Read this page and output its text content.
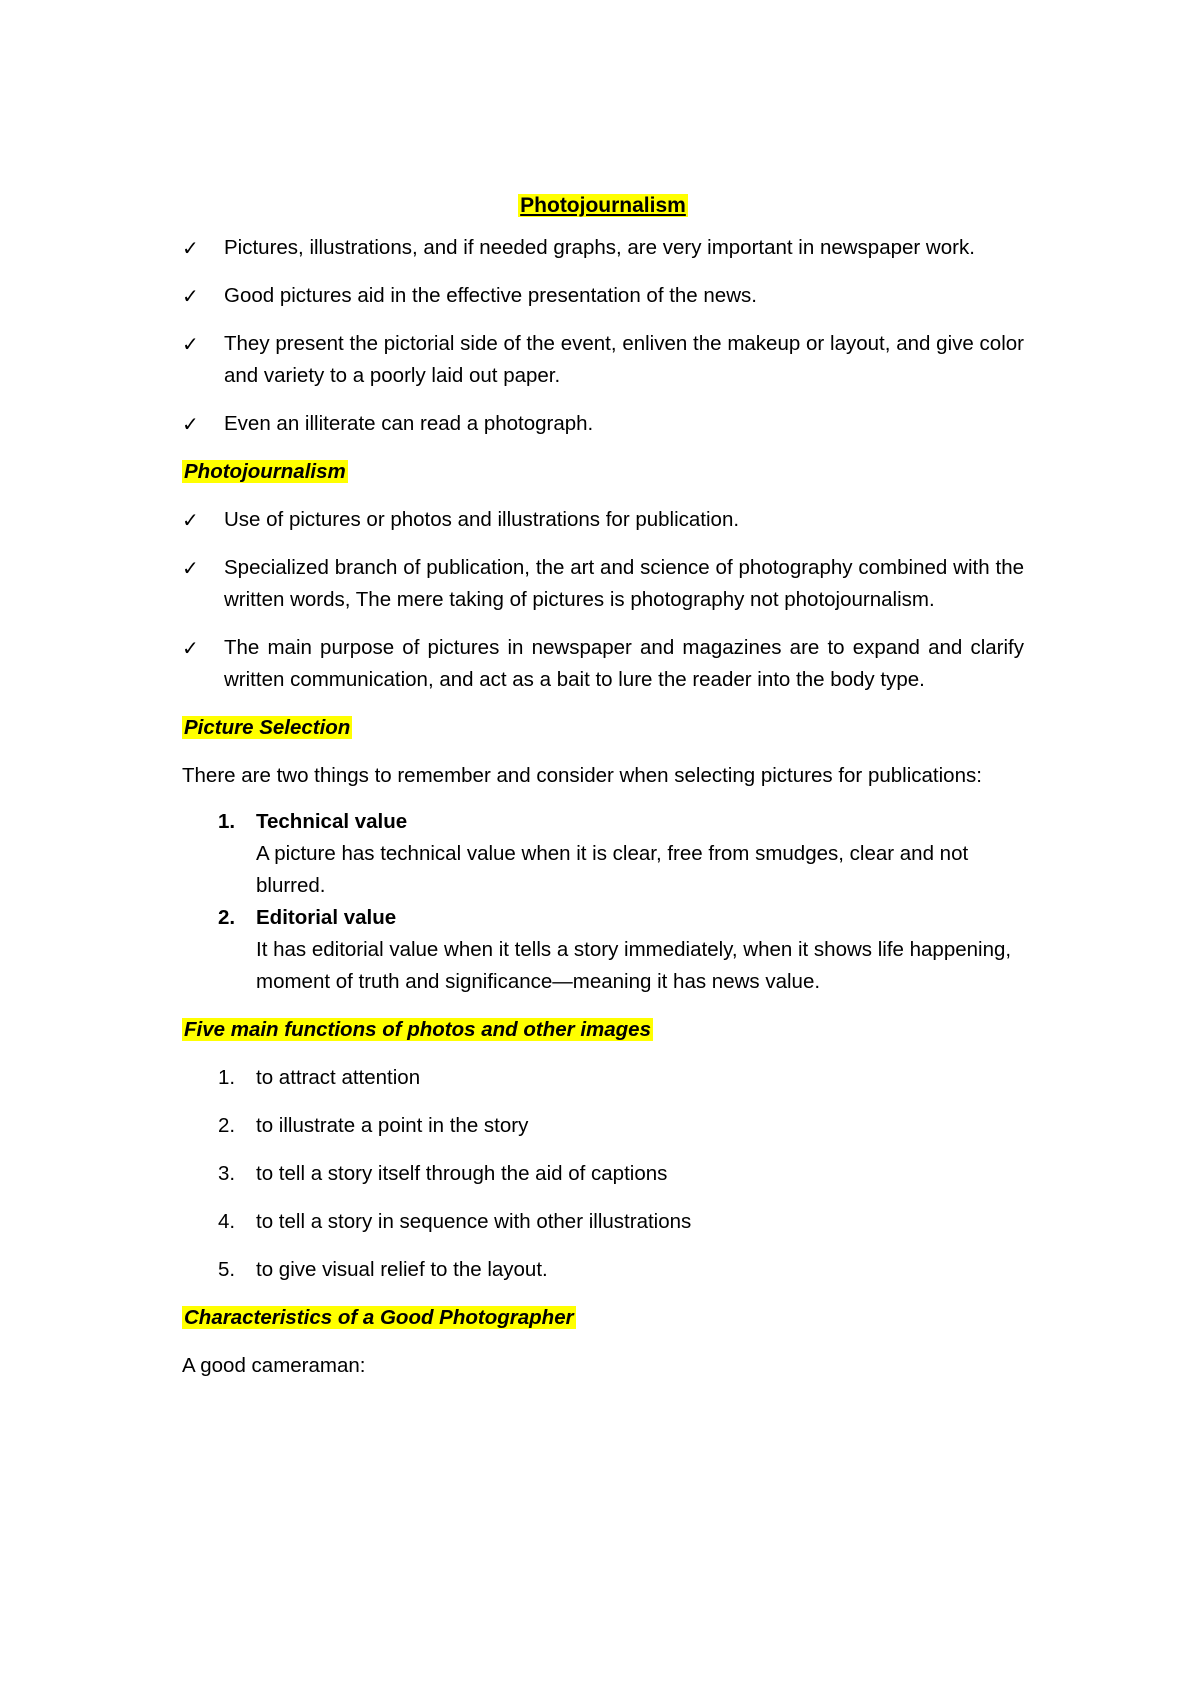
Photojournalism
✓	Pictures, illustrations, and if needed graphs, are very important in newspaper work.
✓	Good pictures aid in the effective presentation of the news.
✓	They present the pictorial side of the event, enliven the makeup or layout, and give color and variety to a poorly laid out paper.
✓	Even an illiterate can read a photograph.
Photojournalism
✓	Use of pictures or photos and illustrations for publication.
✓	Specialized branch of publication, the art and science of photography combined with the written words, The mere taking of pictures is photography not photojournalism.
✓	The main purpose of pictures in newspaper and magazines are to expand and clarify written communication, and act as a bait to lure the reader into the body type.
Picture Selection

There are two things to remember and consider when selecting pictures for publications:

1. Technical value
A picture has technical value when it is clear, free from smudges, clear and not blurred.
2. Editorial value
It has editorial value when it tells a story immediately, when it shows life happening, moment of truth and significance—meaning it has news value.
Five main functions of photos and other images
1. to attract attention
2. to illustrate a point in the story
3. to tell a story itself through the aid of captions
4. to tell a story in sequence with other illustrations
5. to give visual relief to the layout.
Characteristics of a Good Photographer

A good cameraman:
